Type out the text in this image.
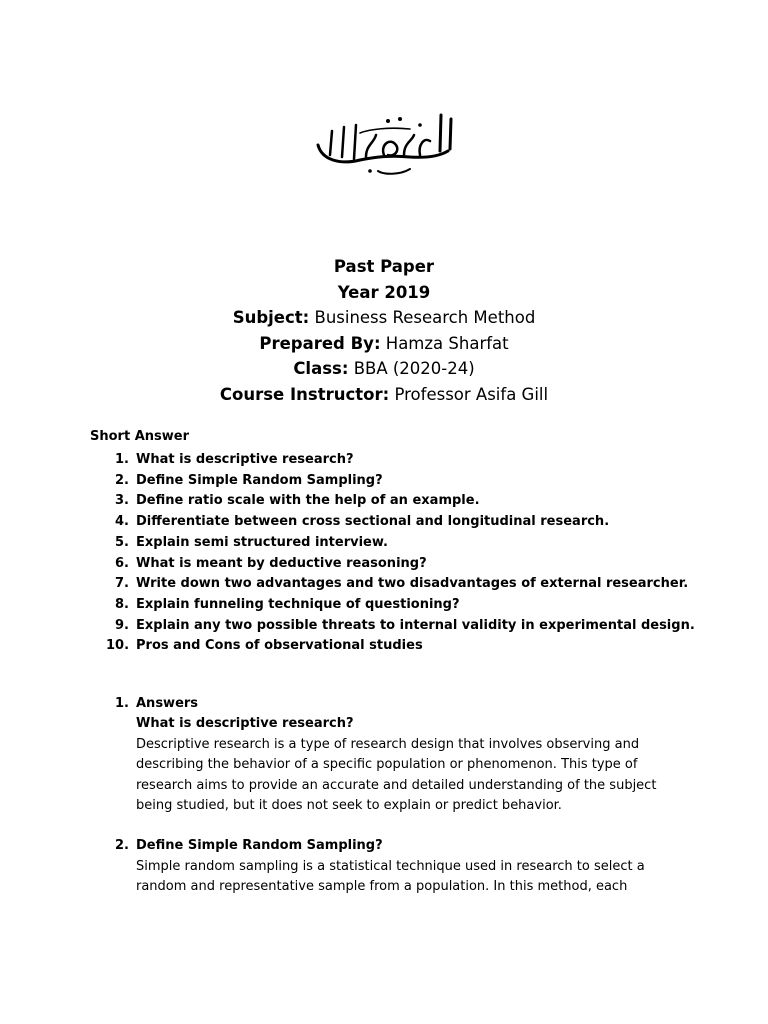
Past Paper
Year 2019
Subject: Business Research Method
Prepared By: Hamza Sharfat
Class: BBA (2020-24)
Course Instructor: Professor Asifa Gill
Short Answer
1. What is descriptive research?
2. Define Simple Random Sampling?
3. Define ratio scale with the help of an example.
4. Differentiate between cross sectional and longitudinal research.
5. Explain semi structured interview.
6. What is meant by deductive reasoning?
7. Write down two advantages and two disadvantages of external researcher.
8. Explain funneling technique of questioning?
9. Explain any two possible threats to internal validity in experimental design.
10. Pros and Cons of observational studies
1. Answers
What is descriptive research?
Descriptive research is a type of research design that involves observing and
describing the behavior of a specific population or phenomenon. This type of
research aims to provide an accurate and detailed understanding of the subject
being studied, but it does not seek to explain or predict behavior.
2. Define Simple Random Sampling?
Simple random sampling is a statistical technique used in research to select a
random and representative sample from a population. In this method, each
